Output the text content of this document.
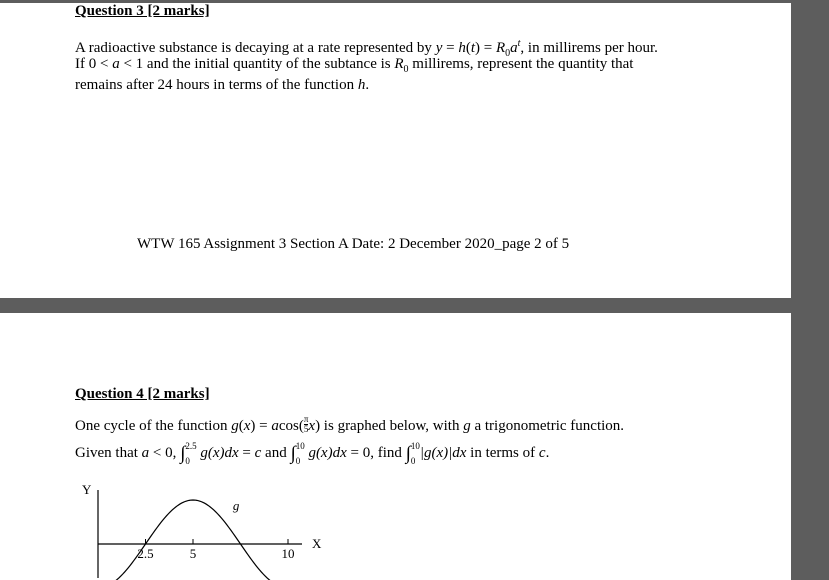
Question 3 [2 marks]
A radioactive substance is decaying at a rate represented by $y = h(t) = R_0a^t$, in millirems per hour.
If 0 < a < 1 and the initial quantity of the subtance is $R_0$ millirems, represent the quantity that
remains after 24 hours in terms of the function h.
WTW 165 Assignment 3 Section A Date: 2 December 2020_page 2 of 5
Question 4 [2 marks]
One cycle of the function $g(x) = acos( \frac{\pi}{5} x)$ is graphed below, with g a trigonometric function.
Given that a < 0, ∫ 2.5
0 g(x)dx = c and ∫ 10
0 g(x)dx = 0, find ∫ 10
0 |g(x)|dx in terms of c.
Y
X
g
2.5	5	10
